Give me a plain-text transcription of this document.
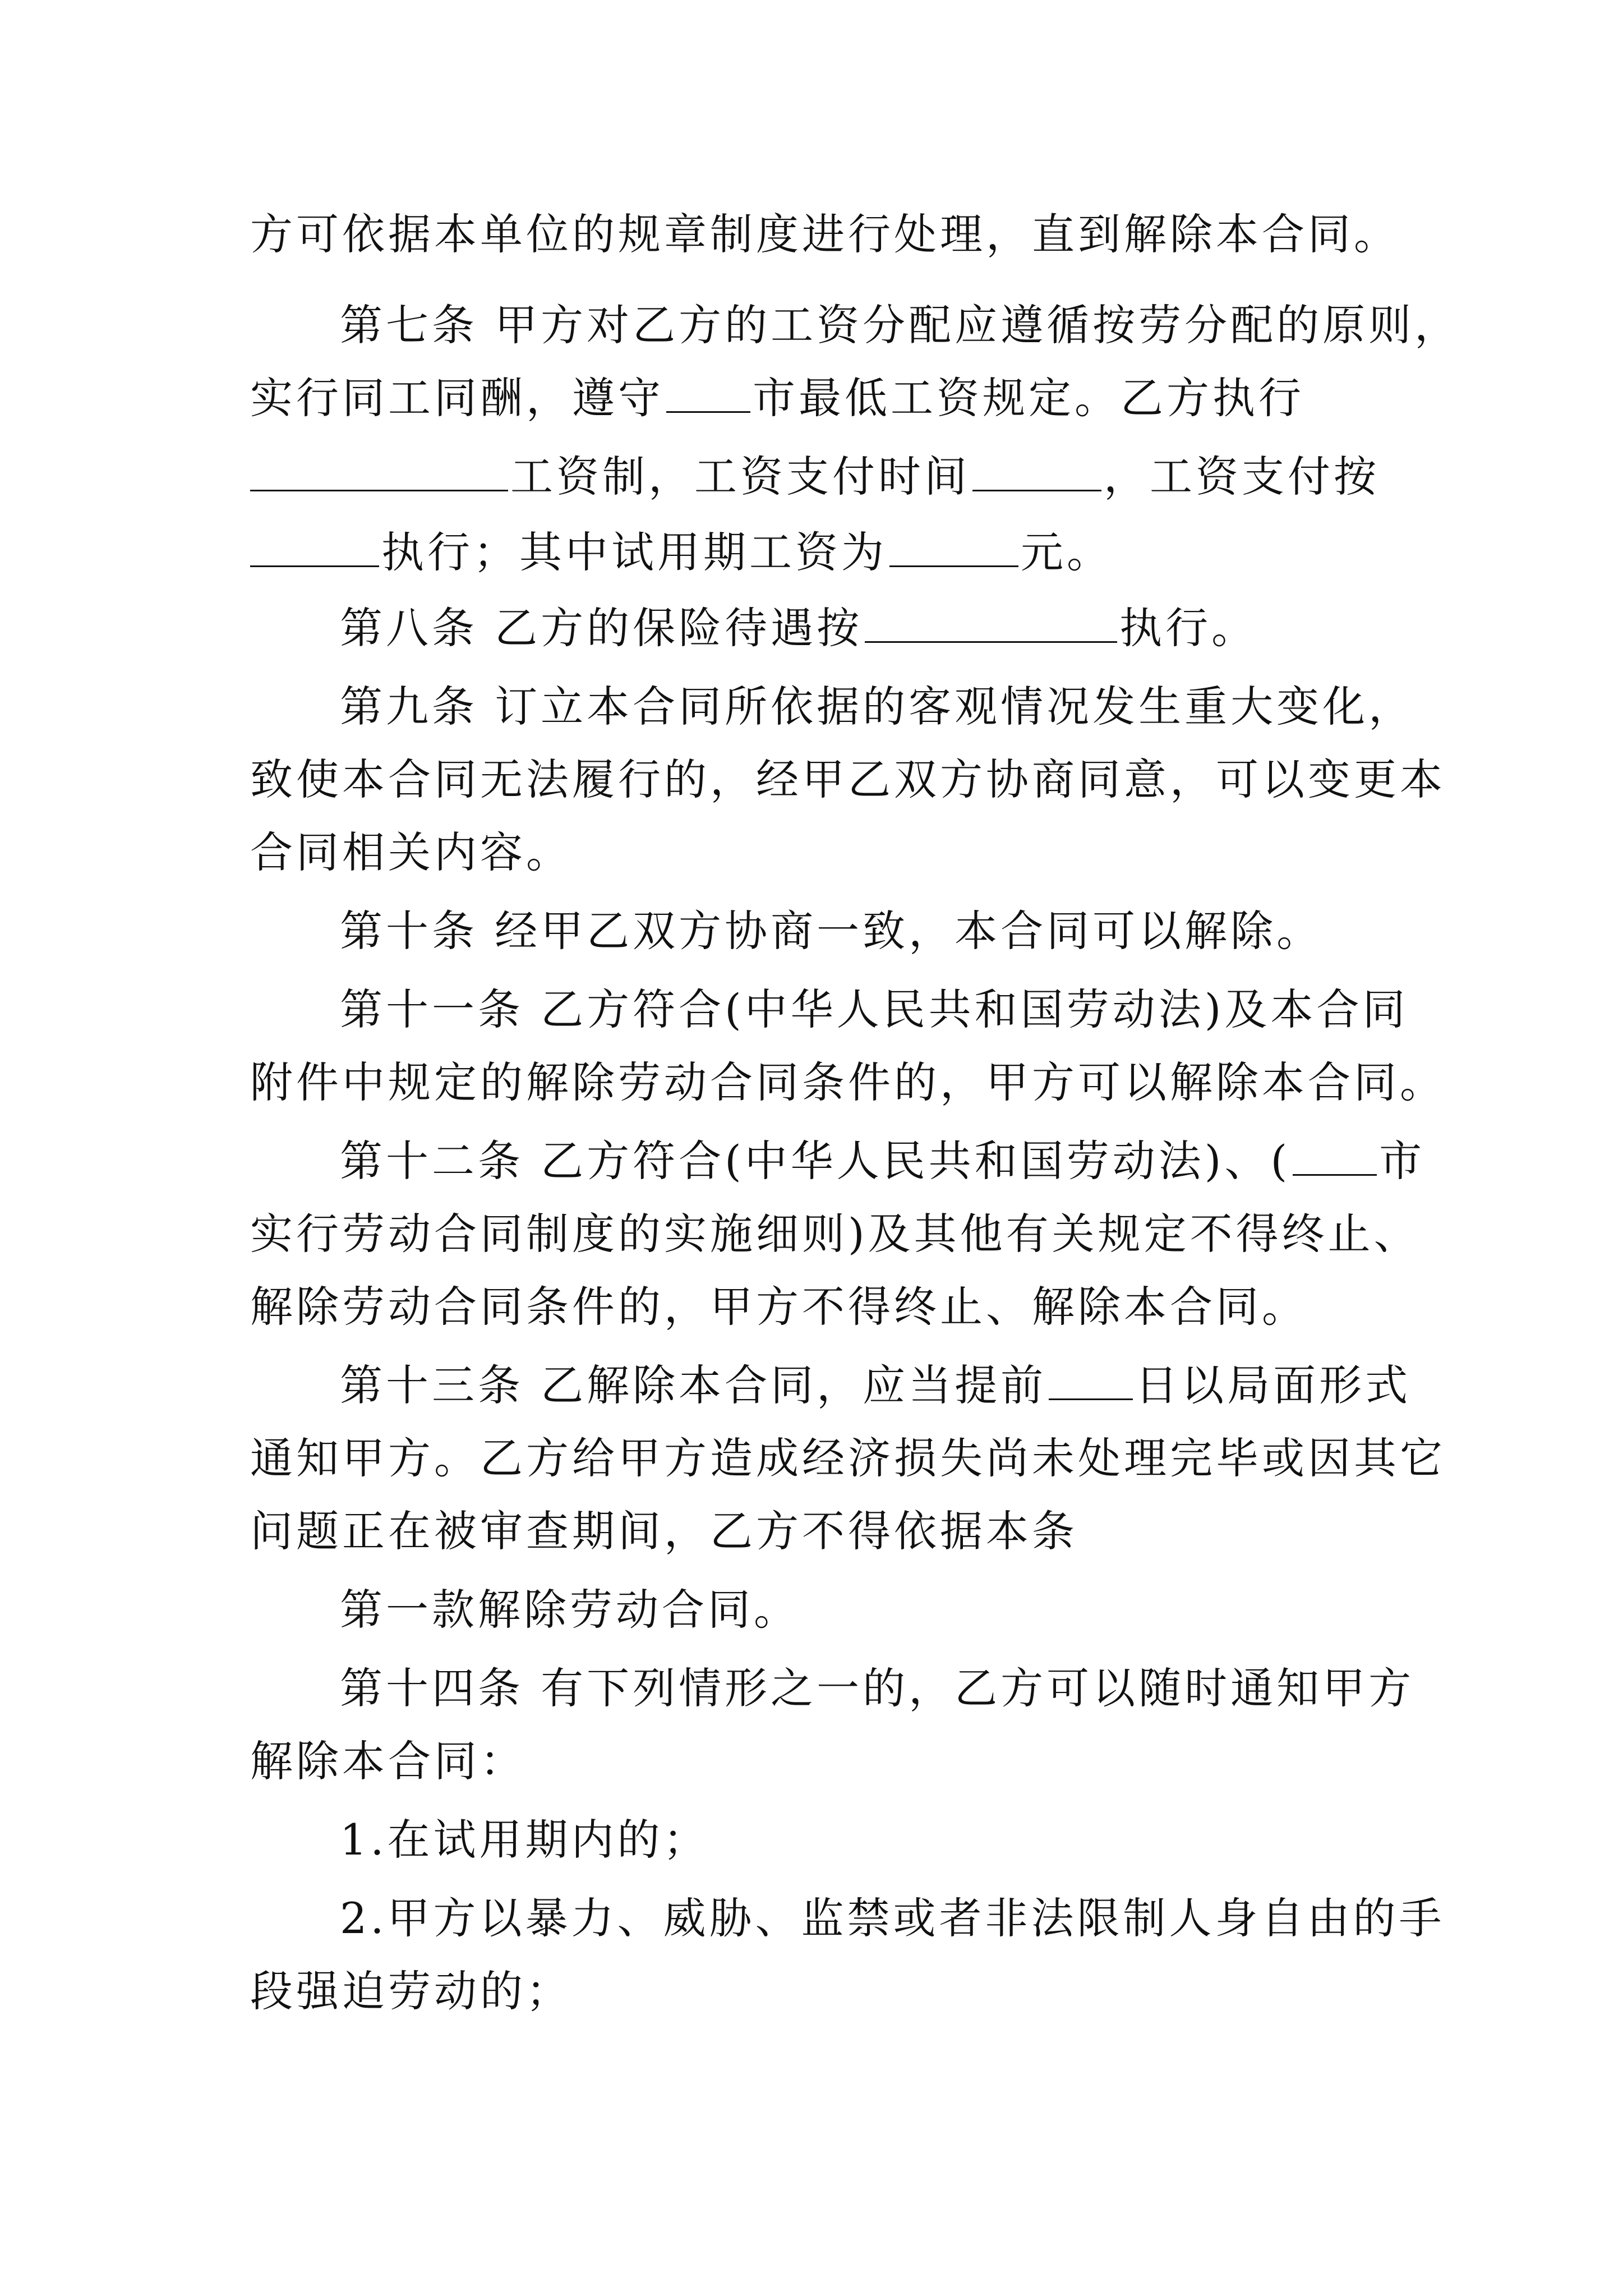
方可依据本单位的规章制度进行处理，直到解除本合同。
第七条 甲方对乙方的工资分配应遵循按劳分配的原则，
实行同工同酬，遵守 市最低工资规定。乙方执行
工资制，工资支付时间	，工资支付按
执行；其中试用期工资为	元。
第八条 乙方的保险待遇按	执行。
第九条 订立本合同所依据的客观情况发生重大变化，
致使本合同无法履行的，经甲乙双方协商同意，可以变更本
合同相关内容。
第十条 经甲乙双方协商一致，本合同可以解除。
第十一条 乙方符合(中华人民共和国劳动法)及本合同
附件中规定的解除劳动合同条件的，甲方可以解除本合同。
第十二条 乙方符合(中华人民共和国劳动法)、( 市
实行劳动合同制度的实施细则)及其他有关规定不得终止、
解除劳动合同条件的，甲方不得终止、解除本合同。
第十三条 乙解除本合同，应当提前 日以局面形式
通知甲方。乙方给甲方造成经济损失尚未处理完毕或因其它
问题正在被审查期间，乙方不得依据本条
第一款解除劳动合同。
第十四条 有下列情形之一的，乙方可以随时通知甲方
解除本合同：
1.在试用期内的；
2.甲方以暴力、威胁、监禁或者非法限制人身自由的手
段强迫劳动的；
